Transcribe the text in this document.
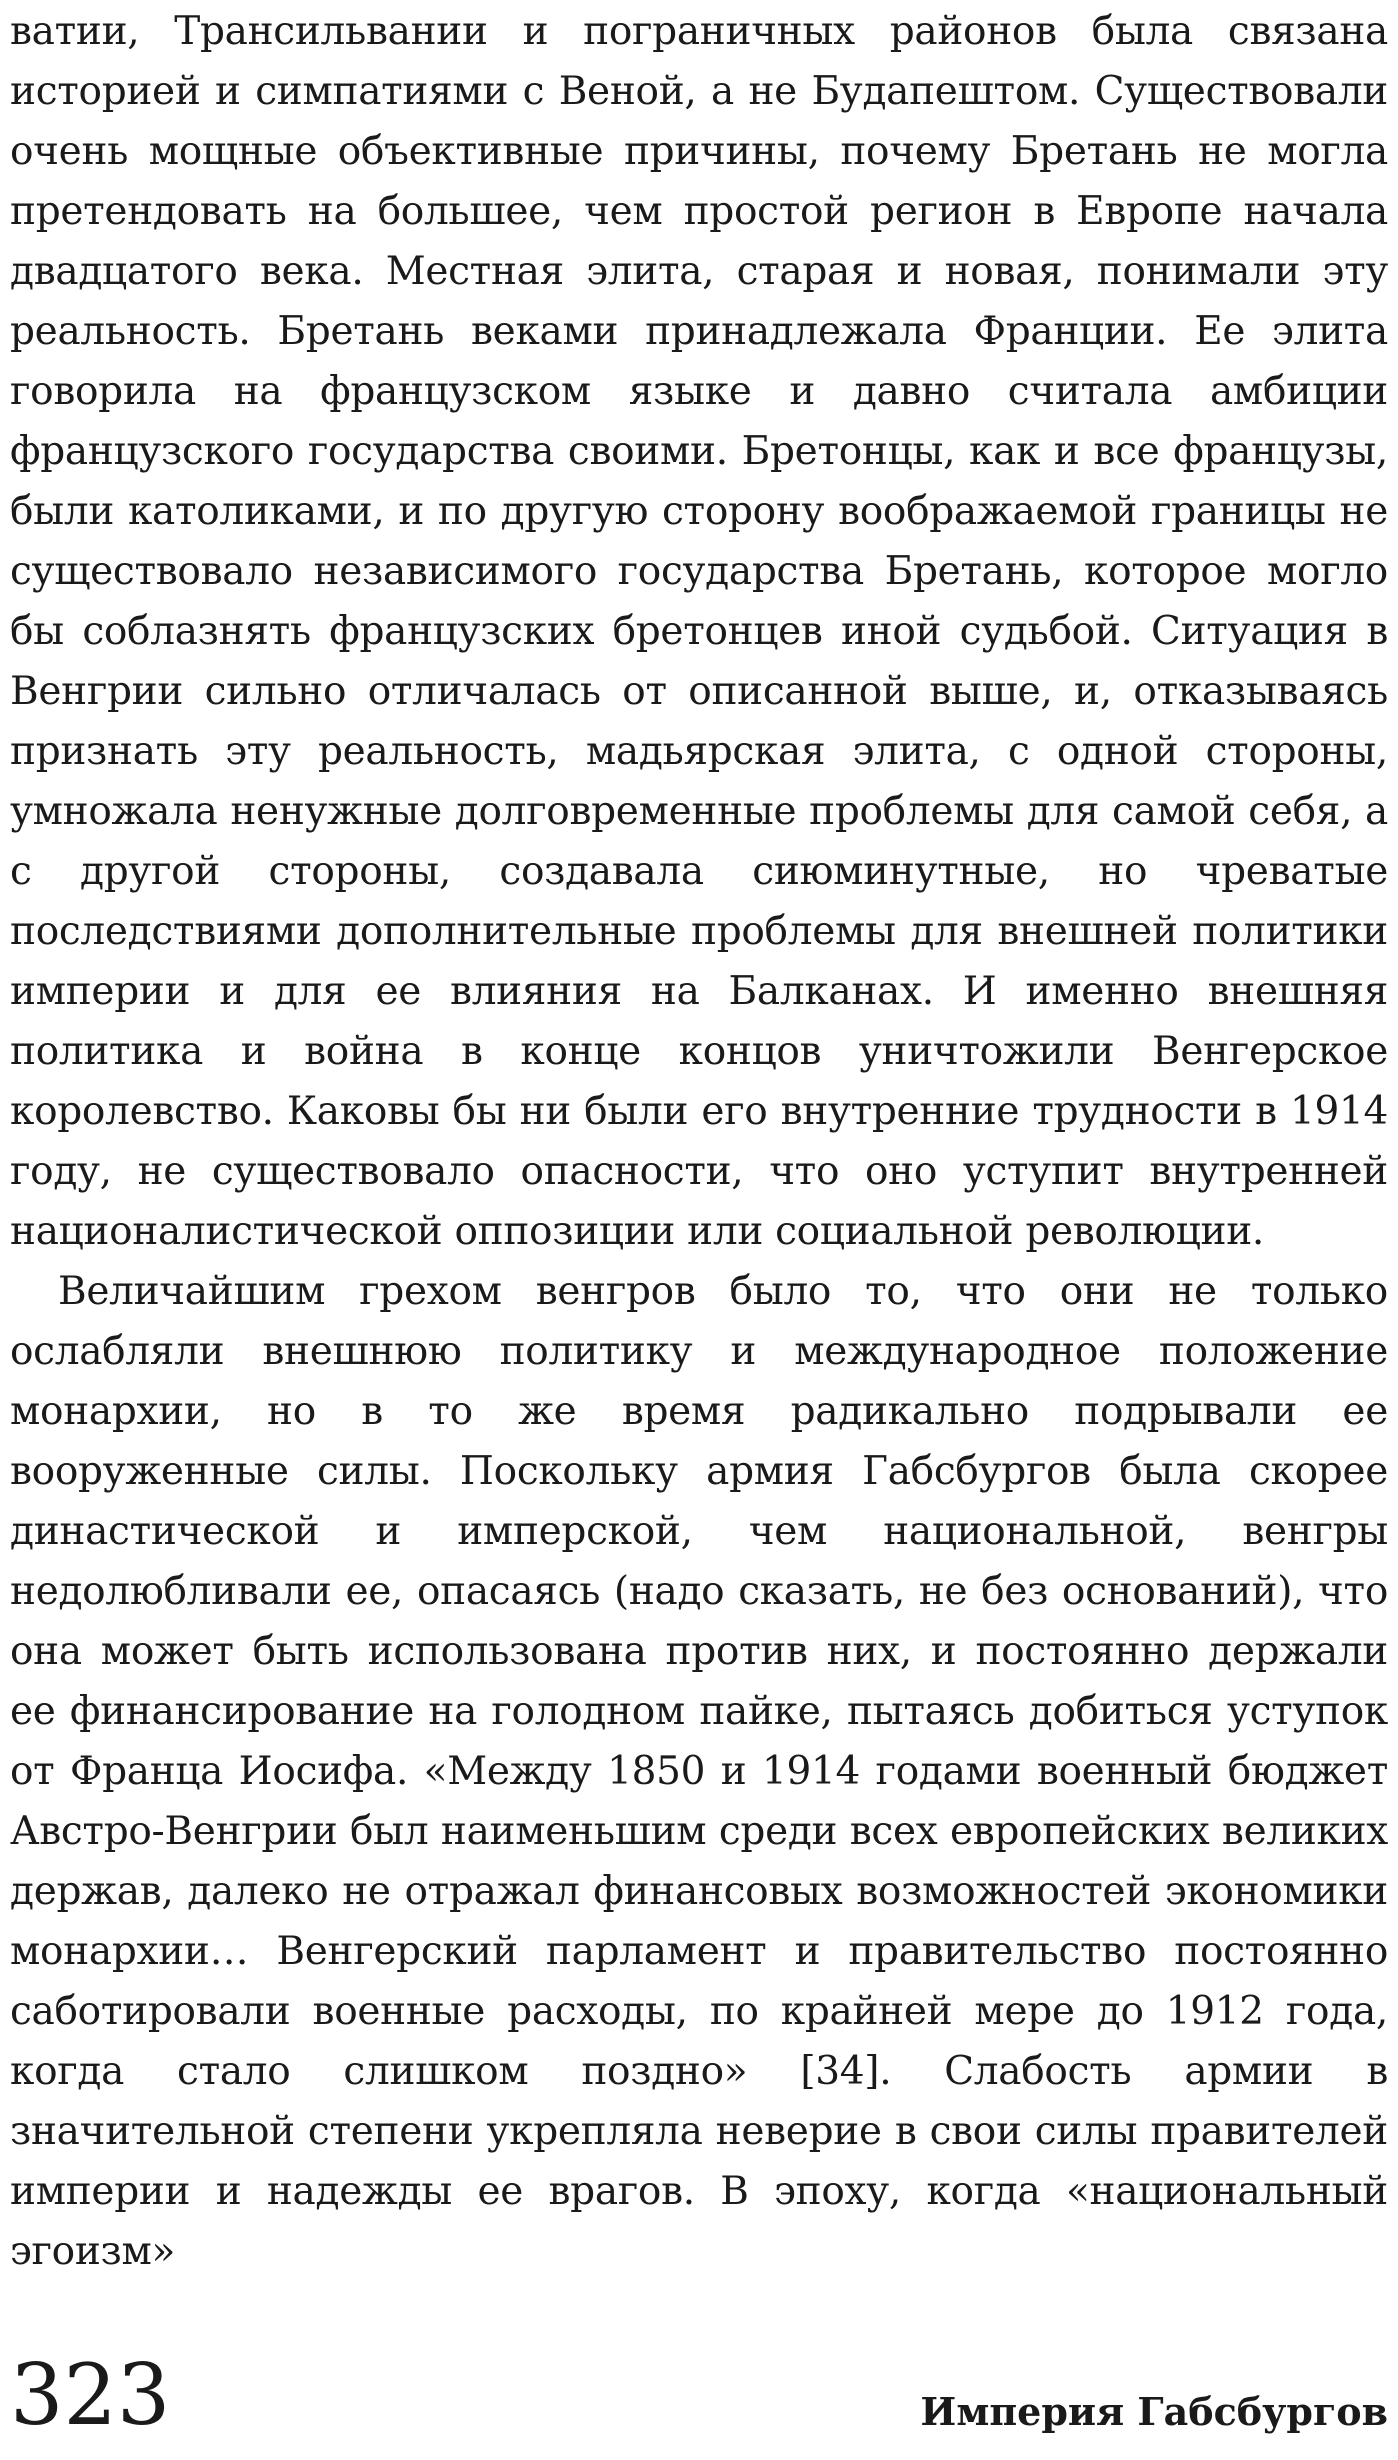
ватии, Трансильвании и пограничных районов была связана историей и симпатиями с Веной, а не Будапештом. Существовали очень мощные объективные причины, почему Бретань не могла претендовать на большее, чем простой регион в Европе начала двадцатого века. Местная элита, старая и новая, понимали эту реальность. Бретань веками принадлежала Франции. Ее элита говорила на французском языке и давно считала амбиции французского государства своими. Бретонцы, как и все французы, были католиками, и по другую сторону воображаемой границы не существовало независимого государства Бретань, которое могло бы соблазнять французских бретонцев иной судьбой. Ситуация в Венгрии сильно отличалась от описанной выше, и, отказываясь признать эту реальность, мадьярская элита, с одной стороны, умножала ненужные долговременные проблемы для самой себя, а с другой стороны, создавала сиюминутные, но чреватые последствиями дополнительные проблемы для внешней политики империи и для ее влияния на Балканах. И именно внешняя политика и война в конце концов уничтожили Венгерское королевство. Каковы бы ни были его внутренние трудности в 1914 году, не существовало опасности, что оно уступит внутренней националистической оппозиции или социальной революции.

Величайшим грехом венгров было то, что они не только ослабляли внешнюю политику и международное положение монархии, но в то же время радикально подрывали ее вооруженные силы. Поскольку армия Габсбургов была скорее династической и имперской, чем национальной, венгры недолюбливали ее, опасаясь (надо сказать, не без оснований), что она может быть использована против них, и постоянно держали ее финансирование на голодном пайке, пытаясь добиться уступок от Франца Иосифа. «Между 1850 и 1914 годами военный бюджет Австро-Венгрии был наименьшим среди всех европейских великих держав, далеко не отражал финансовых возможностей экономики монархии… Венгерский парламент и правительство постоянно саботировали военные расходы, по крайней мере до 1912 года, когда стало слишком поздно» [34]. Слабость армии в значительной степени укрепляла неверие в свои силы правителей империи и надежды ее врагов. В эпоху, когда «национальный эгоизм»

323	Империя Габсбургов
